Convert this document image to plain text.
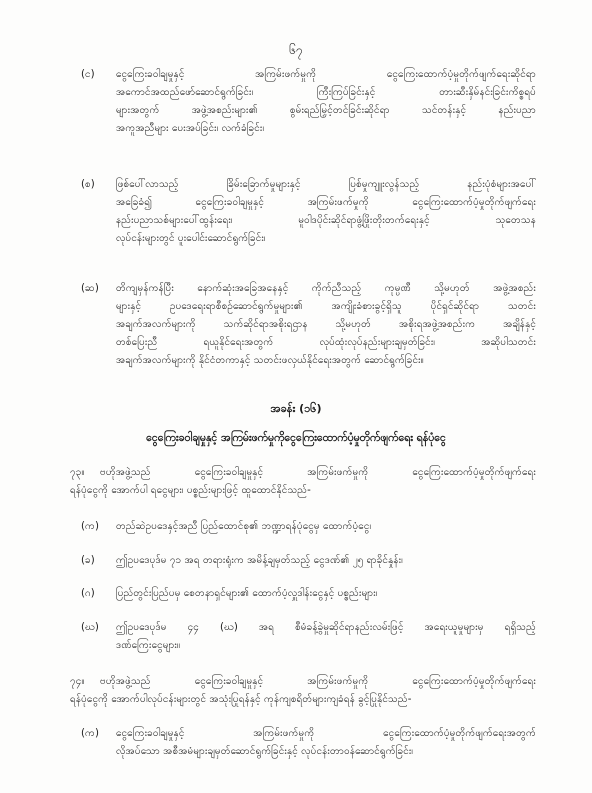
၆၇
(င) ငွေကြေးခဝါချမှုနှင့် အကြမ်းဖက်မှုကို ငွေကြေးထောက်ပံ့မှုတိုက်ဖျက်ရေးဆိုင်ရာ
အကောင်အထည်ဖော်ဆောင်ရွက်ခြင်း၊ ကြီးကြပ်ခြင်းနှင့် တားဆီးနှိမ်နင်းခြင်းကိစ္စရပ်
များအတွက် အဖွဲ့အစည်းများ၏ စွမ်းရည်မြှင့်တင်ခြင်းဆိုင်ရာ သင်တန်းနှင့် နည်းပညာ
အကူအညီများ ပေးအပ်ခြင်း၊ လက်ခံခြင်း၊
(စ) ဖြစ်ပေါ်လာသည့် ခြိမ်းခြောက်မှုများနှင့် ပြစ်မှုကျူးလွန်သည့် နည်းပုံစံများအပေါ်
အခြေခံ၍ ငွေကြေးခဝါချမှုနှင့် အကြမ်းဖက်မှုကို ငွေကြေးထောက်ပံ့မှုတိုက်ဖျက်ရေး
နည်းပညာသစ်များပေါ်ထွန်းရေး၊ မူဝါဒပိုင်းဆိုင်ရာဖွံ့ဖြိုးတိုးတက်ရေးနှင့် သုတေသန
လုပ်ငန်းများတွင် ပူးပေါင်းဆောင်ရွက်ခြင်း၊
(ဆ) တိကျမှန်ကန်ပြီး နောက်ဆုံးအခြေအနေနှင့် ကိုက်ညီသည့် ကုမ္ပဏီ သို့မဟုတ် အဖွဲ့အစည်း
များနှင့် ဥပဒေရေးရာစီစဉ်ဆောင်ရွက်မှုများ၏ အကျိုးခံစားခွင့်ရှိသူ ပိုင်ရှင်ဆိုင်ရာ သတင်း
အချက်အလက်များကို သက်ဆိုင်ရာအစိုးရဌာန သို့မဟုတ် အစိုးရအဖွဲ့အစည်းက အချိန်နှင့်
တစ်ပြေးညီ ရယူနိုင်ရေးအတွက် လုပ်ထုံးလုပ်နည်းများချမှတ်ခြင်း၊ အဆိုပါသတင်း
အချက်အလက်များကို နိုင်ငံတကာနှင့် သတင်းဖလှယ်နိုင်ရေးအတွက် ဆောင်ရွက်ခြင်း။
အခန်း (၁၆)
ငွေကြေးခဝါချမှုနှင့် အကြမ်းဖက်မှုကိုငွေကြေးထောက်ပံ့မှုတိုက်ဖျက်ရေး ရန်ပုံငွေ
၇၃။ ဗဟိုအဖွဲ့သည် ငွေကြေးခဝါချမှုနှင့် အကြမ်းဖက်မှုကို ငွေကြေးထောက်ပံ့မှုတိုက်ဖျက်ရေး
ရန်ပုံငွေကို အောက်ပါ ရငွေများ၊ ပစ္စည်းများဖြင့် ထူထောင်နိုင်သည်-
(က) တည်ဆဲဥပဒေနှင့်အညီ ပြည်ထောင်စု၏ ဘဏ္ဍာရန်ပုံငွေမှ ထောက်ပံ့ငွေ၊
(ခ) ဤဥပဒေပုဒ်မ ၇၁ အရ တရားရုံးက အမိန့်ချမှတ်သည့် ငွေဒဏ်၏ ၂၅ ရာခိုင်နှုန်း၊
(ဂ) ပြည်တွင်းပြည်ပမှ စေတနာရှင်များ၏ ထောက်ပံ့လှူဒါန်းငွေနှင့် ပစ္စည်းများ၊
(ဃ) ဤဥပဒေပုဒ်မ ၄၄ (ဃ) အရ စီမံခန့်ခွဲမှုဆိုင်ရာနည်းလမ်းဖြင့် အရေးယူမှုများမှ ရရှိသည့်
ဒဏ်ကြေးငွေများ။
၇၄။ ဗဟိုအဖွဲ့သည် ငွေကြေးခဝါချမှုနှင့် အကြမ်းဖက်မှုကို ငွေကြေးထောက်ပံ့မှုတိုက်ဖျက်ရေး
ရန်ပုံငွေကို အောက်ပါလုပ်ငန်းများတွင် အသုံးပြုရန်နှင့် ကုန်ကျစရိတ်များကျခံရန် ခွင့်ပြုနိုင်သည်-
(က) ငွေကြေးခဝါချမှုနှင့် အကြမ်းဖက်မှုကို ငွေကြေးထောက်ပံ့မှုတိုက်ဖျက်ရေးအတွက်
လိုအပ်သော အစီအမံများချမှတ်ဆောင်ရွက်ခြင်းနှင့် လုပ်ငန်းတာဝန်ဆောင်ရွက်ခြင်း၊
